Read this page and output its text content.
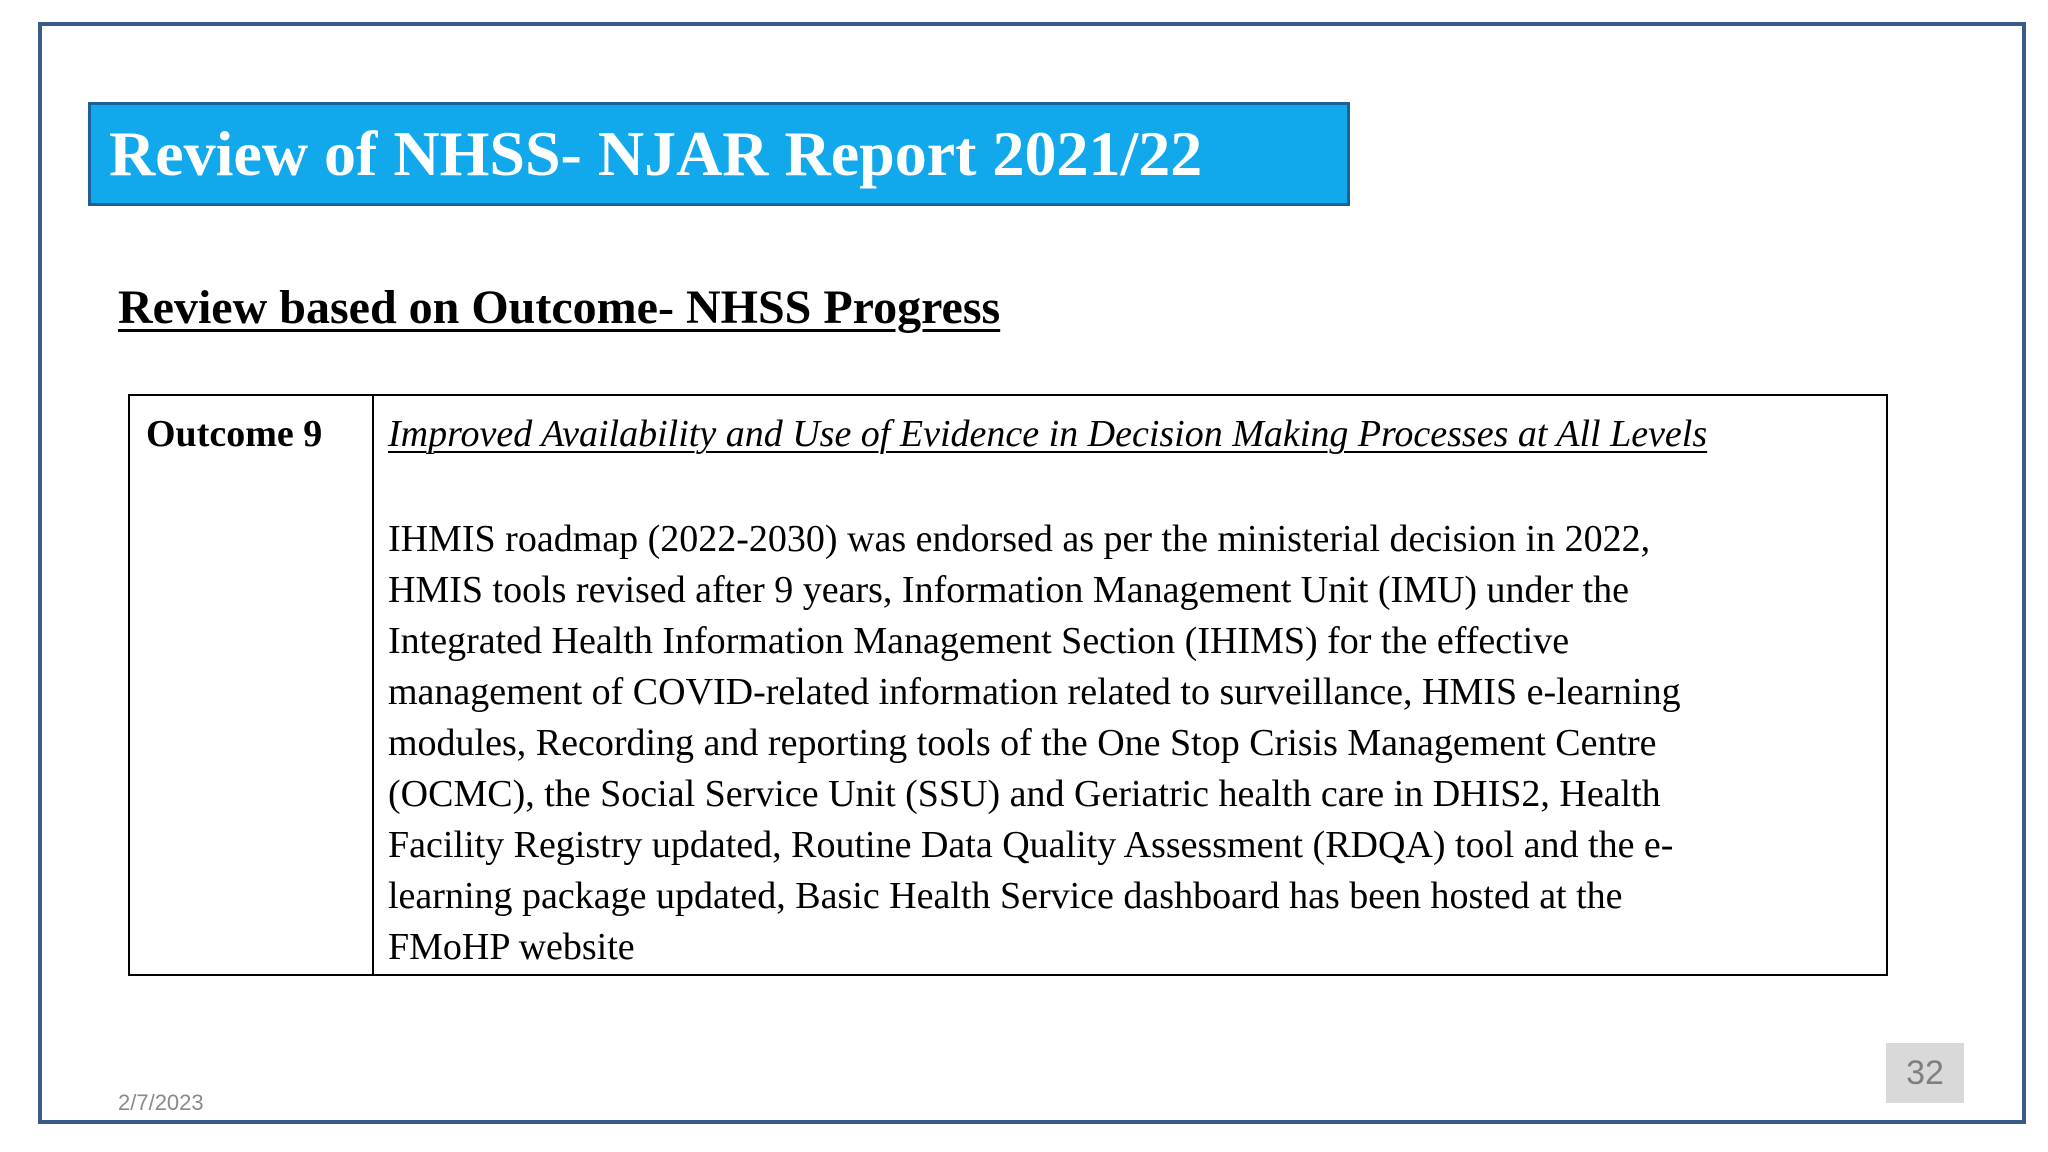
Review of NHSS- NJAR Report 2021/22
Review based on Outcome- NHSS Progress
Outcome 9	Improved Availability and Use of Evidence in Decision Making Processes at All Levels
IHMIS roadmap (2022-2030) was endorsed as per the ministerial decision in 2022,
HMIS tools revised after 9 years, Information Management Unit (IMU) under the
Integrated Health Information Management Section (IHIMS) for the effective
management of COVID-related information related to surveillance, HMIS e-learning
modules, Recording and reporting tools of the One Stop Crisis Management Centre
(OCMC), the Social Service Unit (SSU) and Geriatric health care in DHIS2, Health
Facility Registry updated, Routine Data Quality Assessment (RDQA) tool and the e-
learning package updated, Basic Health Service dashboard has been hosted at the
FMoHP website
2/7/2023
32
